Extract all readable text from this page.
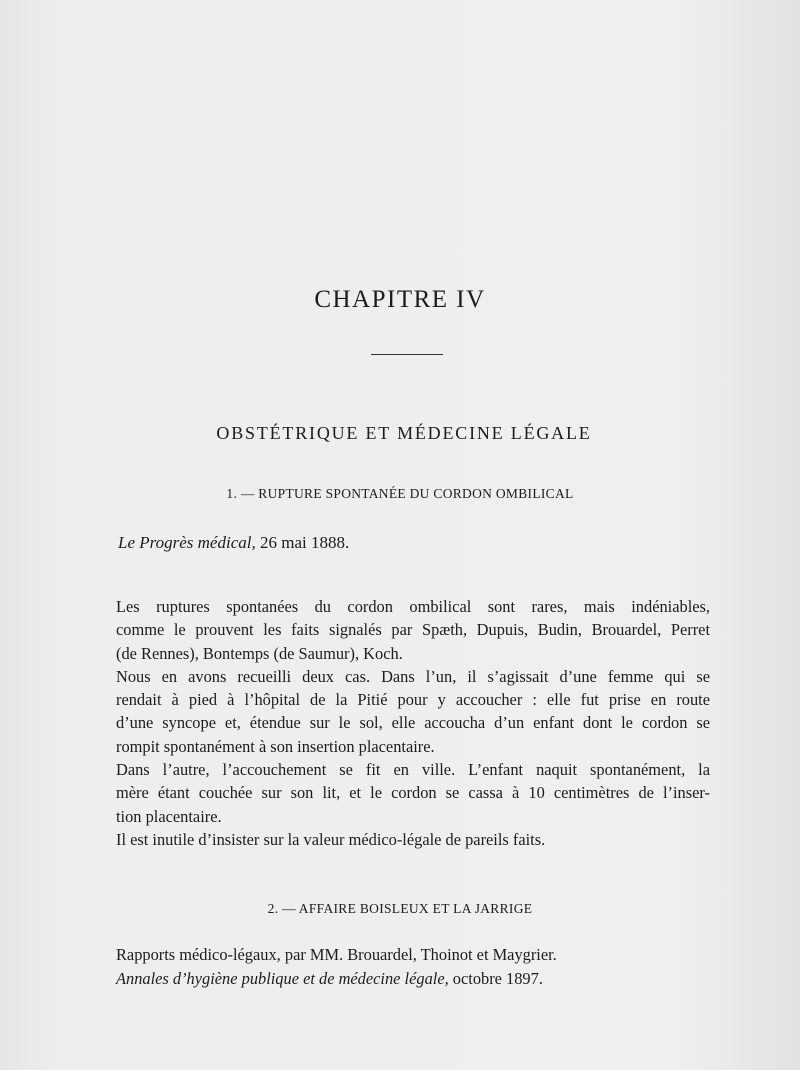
CHAPITRE IV
OBSTÉTRIQUE ET MÉDECINE LÉGALE
1. — RUPTURE SPONTANÉE DU CORDON OMBILICAL
Le Progrès médical, 26 mai 1888.
Les ruptures spontanées du cordon ombilical sont rares, mais indéniables,
comme le prouvent les faits signalés par Spæth, Dupuis, Budin, Brouardel, Perret
(de Rennes), Bontemps (de Saumur), Koch.
Nous en avons recueilli deux cas. Dans l’un, il s’agissait d’une femme qui se
rendait à pied à l’hôpital de la Pitié pour y accoucher : elle fut prise en route
d’une syncope et, étendue sur le sol, elle accoucha d’un enfant dont le cordon se
rompit spontanément à son insertion placentaire.
Dans l’autre, l’accouchement se fit en ville. L’enfant naquit spontanément, la
mère étant couchée sur son lit, et le cordon se cassa à 10 centimètres de l’inser-
tion placentaire.
Il est inutile d’insister sur la valeur médico-légale de pareils faits.
2. — AFFAIRE BOISLEUX ET LA JARRIGE
Rapports médico-légaux, par MM. Brouardel, Thoinot et Maygrier.
Annales d’hygiène publique et de médecine légale, octobre 1897.
